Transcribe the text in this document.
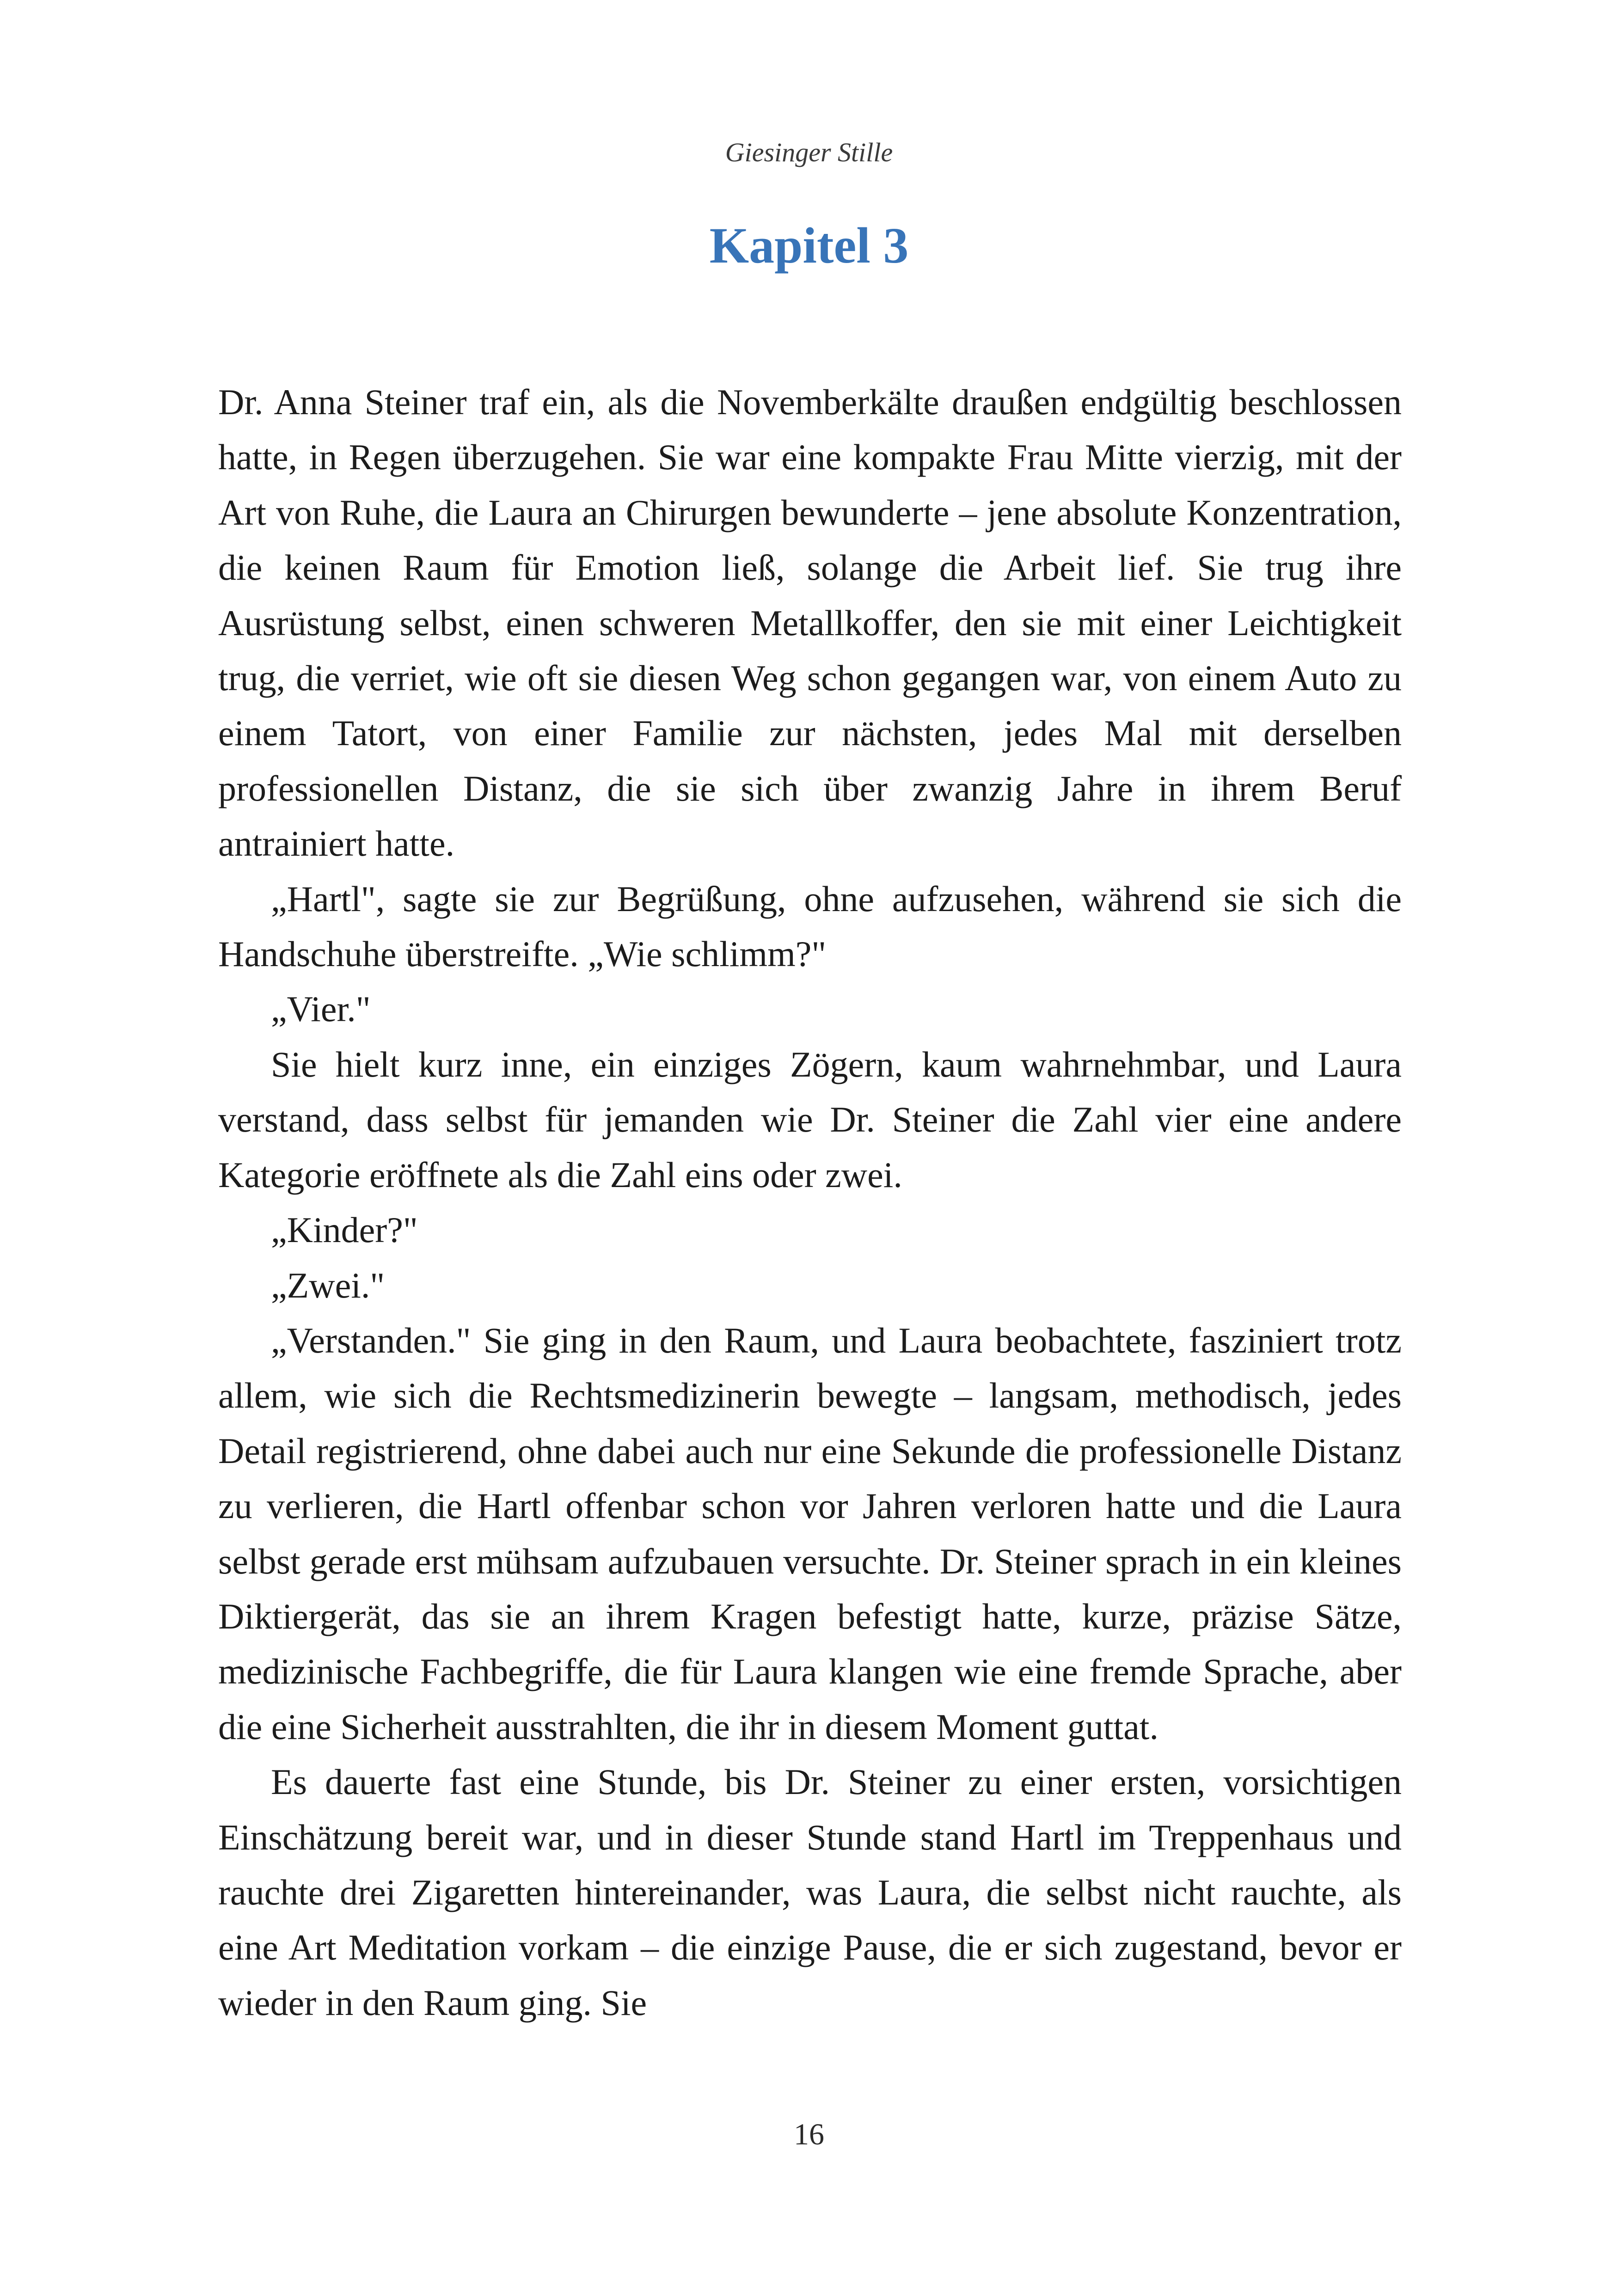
Giesinger Stille

Kapitel 3

Dr. Anna Steiner traf ein, als die Novemberkälte draußen endgültig beschlossen hatte, in Regen überzugehen. Sie war eine kompakte Frau Mitte vierzig, mit der Art von Ruhe, die Laura an Chirurgen bewunderte – jene absolute Konzentration, die keinen Raum für Emotion ließ, solange die Arbeit lief. Sie trug ihre Ausrüstung selbst, einen schweren Metallkoffer, den sie mit einer Leichtigkeit trug, die verriet, wie oft sie diesen Weg schon gegangen war, von einem Auto zu einem Tatort, von einer Familie zur nächsten, jedes Mal mit derselben professionellen Distanz, die sie sich über zwanzig Jahre in ihrem Beruf antrainiert hatte.

„Hartl", sagte sie zur Begrüßung, ohne aufzusehen, während sie sich die Handschuhe überstreifte. „Wie schlimm?"

„Vier."

Sie hielt kurz inne, ein einziges Zögern, kaum wahrnehmbar, und Laura verstand, dass selbst für jemanden wie Dr. Steiner die Zahl vier eine andere Kategorie eröffnete als die Zahl eins oder zwei.

„Kinder?"

„Zwei."

„Verstanden." Sie ging in den Raum, und Laura beobachtete, fasziniert trotz allem, wie sich die Rechtsmedizinerin bewegte – langsam, methodisch, jedes Detail registrierend, ohne dabei auch nur eine Sekunde die professionelle Distanz zu verlieren, die Hartl offenbar schon vor Jahren verloren hatte und die Laura selbst gerade erst mühsam aufzubauen versuchte. Dr. Steiner sprach in ein kleines Diktiergerät, das sie an ihrem Kragen befestigt hatte, kurze, präzise Sätze, medizinische Fachbegriffe, die für Laura klangen wie eine fremde Sprache, aber die eine Sicherheit ausstrahlten, die ihr in diesem Moment guttat.

Es dauerte fast eine Stunde, bis Dr. Steiner zu einer ersten, vorsichtigen Einschätzung bereit war, und in dieser Stunde stand Hartl im Treppenhaus und rauchte drei Zigaretten hintereinander, was Laura, die selbst nicht rauchte, als eine Art Meditation vorkam – die einzige Pause, die er sich zugestand, bevor er wieder in den Raum ging. Sie

16
